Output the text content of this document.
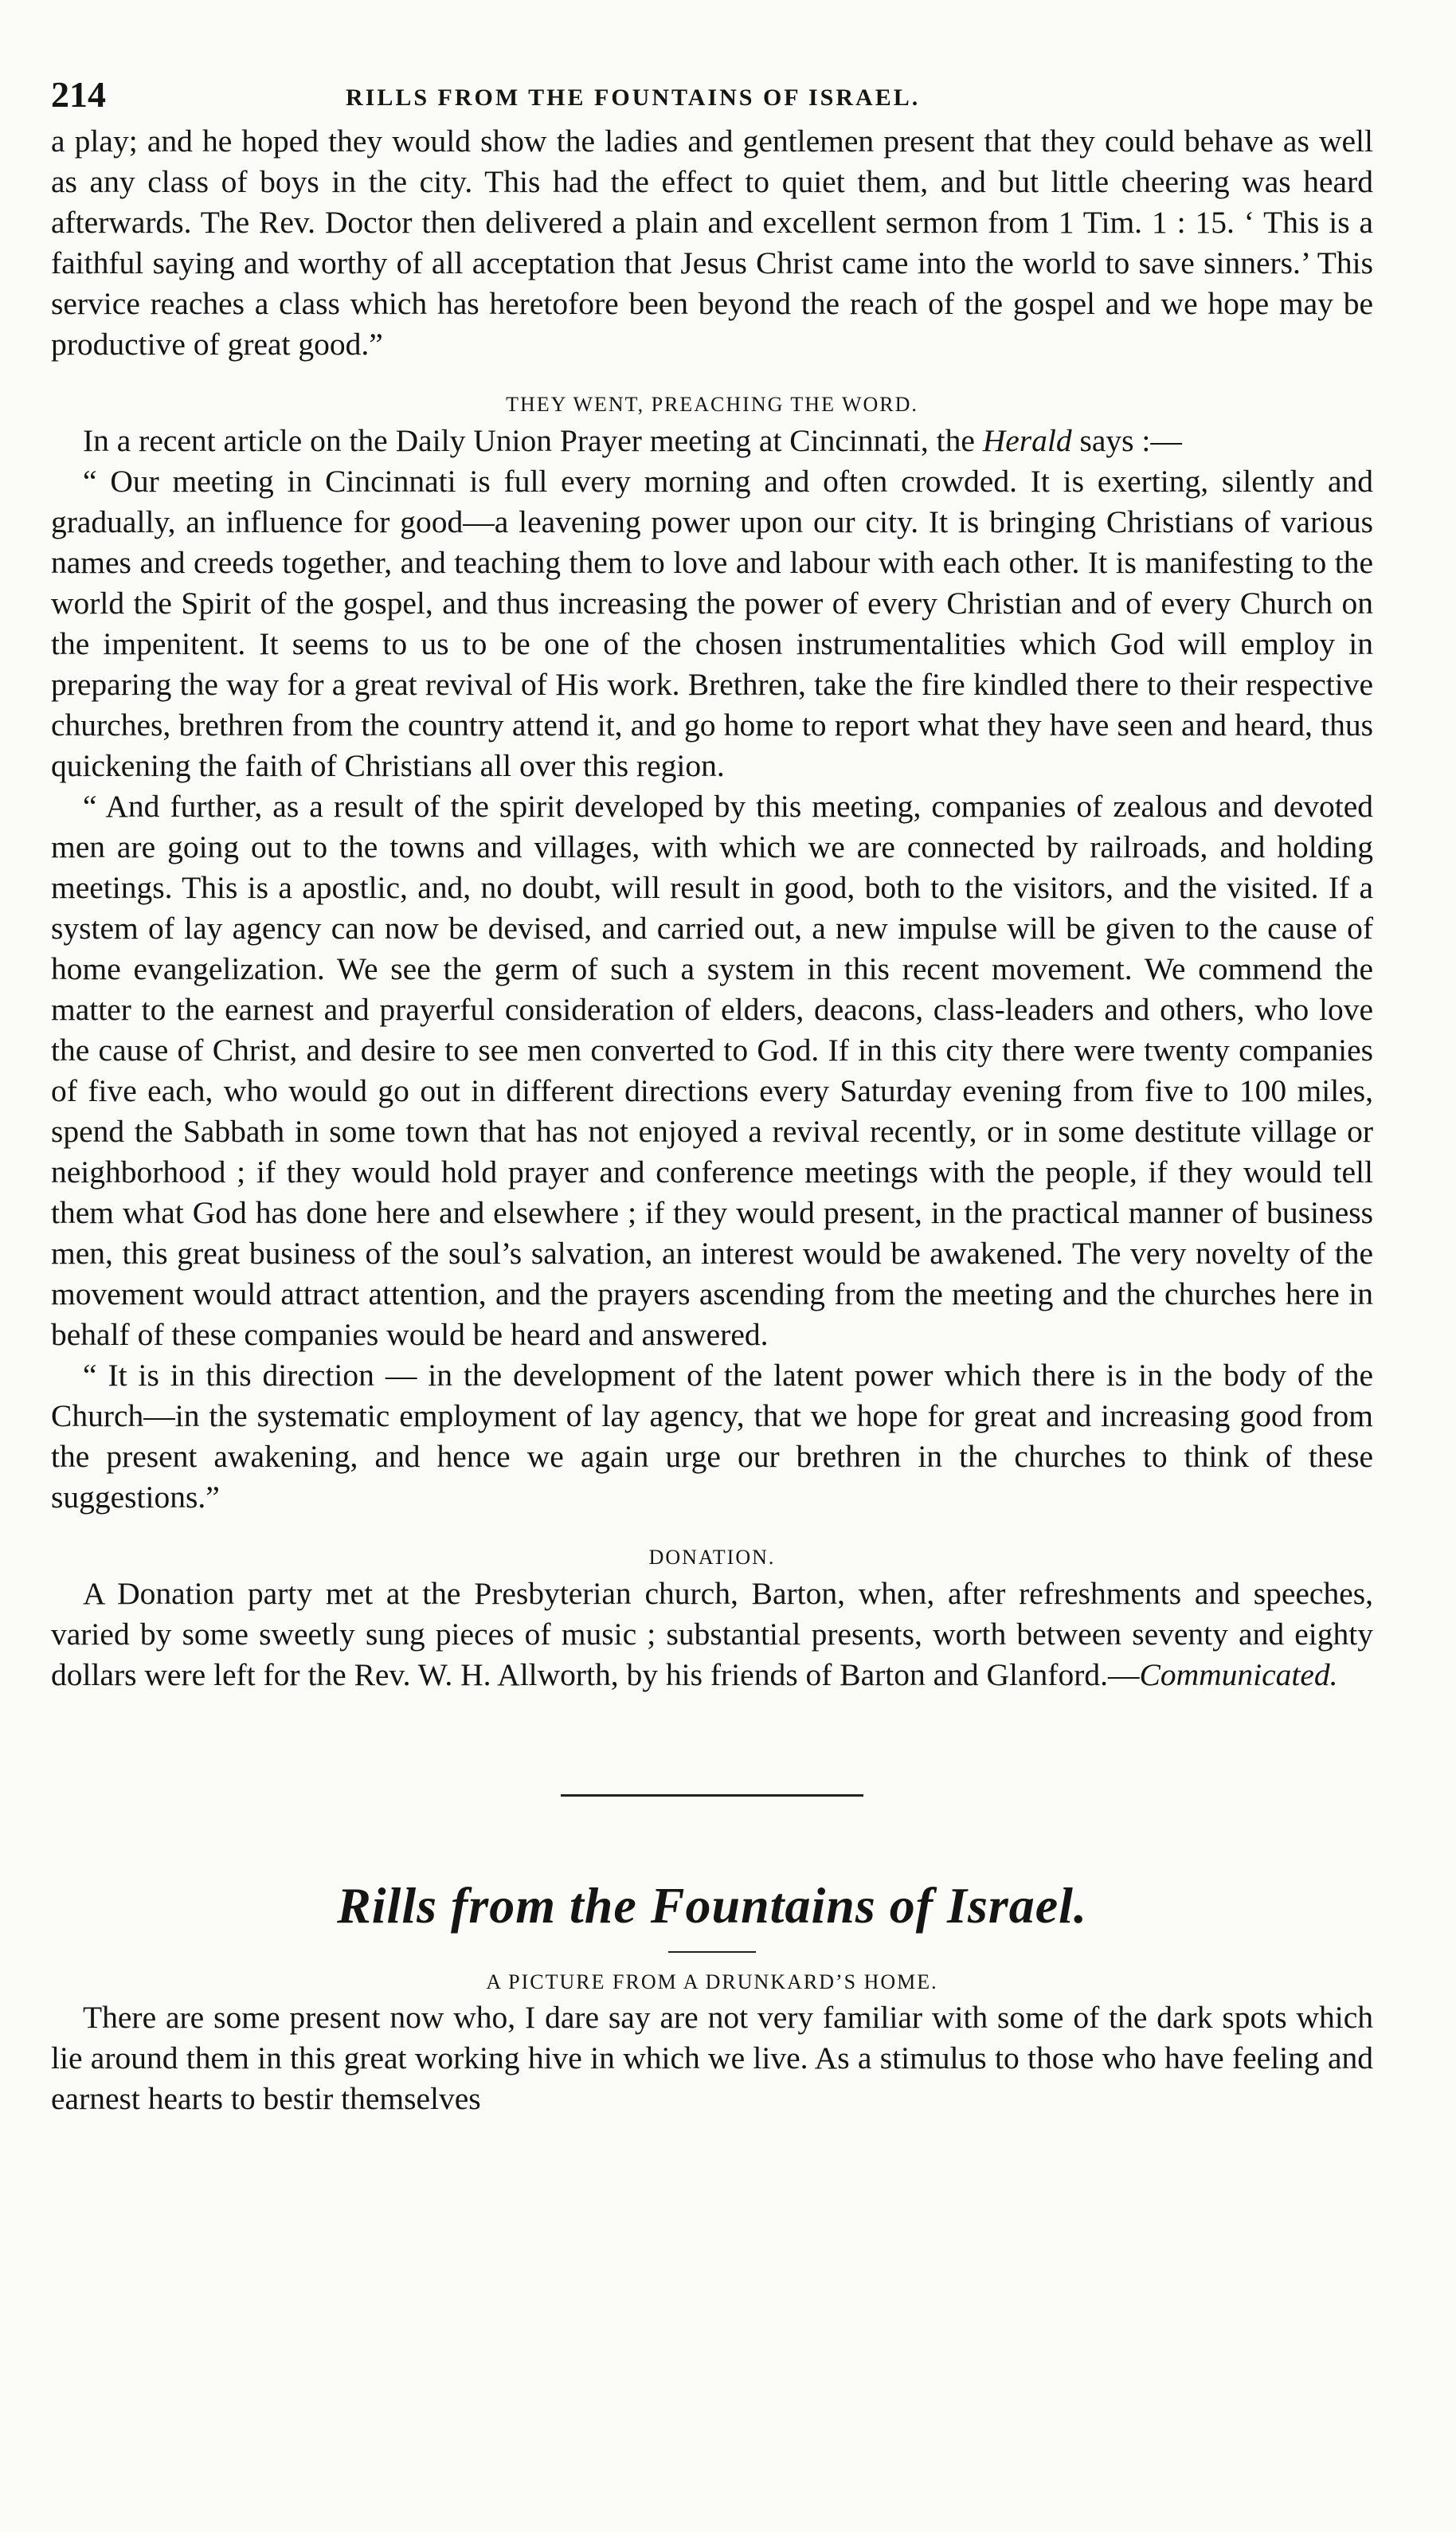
214	RILLS FROM THE FOUNTAINS OF ISRAEL.

a play; and he hoped they would show the ladies and gentlemen present that they could behave as well as any class of boys in the city. This had the effect to quiet them, and but little cheering was heard afterwards. The Rev. Doctor then delivered a plain and excellent sermon from 1 Tim. 1 : 15. ‘ This is a faithful saying and worthy of all acceptation that Jesus Christ came into the world to save sinners.’ This service reaches a class which has heretofore been beyond the reach of the gospel and we hope may be productive of great good.”

THEY WENT, PREACHING THE WORD.

In a recent article on the Daily Union Prayer meeting at Cincinnati, the Herald says :—

“ Our meeting in Cincinnati is full every morning and often crowded. It is exerting, silently and gradually, an influence for good—a leavening power upon our city. It is bringing Christians of various names and creeds together, and teaching them to love and labour with each other. It is manifesting to the world the Spirit of the gospel, and thus increasing the power of every Christian and of every Church on the impenitent. It seems to us to be one of the chosen instrumentalities which God will employ in preparing the way for a great revival of His work. Brethren, take the fire kindled there to their respective churches, brethren from the country attend it, and go home to report what they have seen and heard, thus quickening the faith of Christians all over this region.

“ And further, as a result of the spirit developed by this meeting, companies of zealous and devoted men are going out to the towns and villages, with which we are connected by railroads, and holding meetings. This is a apostlic, and, no doubt, will result in good, both to the visitors, and the visited. If a system of lay agency can now be devised, and carried out, a new impulse will be given to the cause of home evangelization. We see the germ of such a system in this recent movement. We commend the matter to the earnest and prayerful consideration of elders, deacons, class-leaders and others, who love the cause of Christ, and desire to see men converted to God. If in this city there were twenty companies of five each, who would go out in different directions every Saturday evening from five to 100 miles, spend the Sabbath in some town that has not enjoyed a revival recently, or in some destitute village or neighborhood ; if they would hold prayer and conference meetings with the people, if they would tell them what God has done here and elsewhere ; if they would present, in the practical manner of business men, this great business of the soul’s salvation, an interest would be awakened. The very novelty of the movement would attract attention, and the prayers ascending from the meeting and the churches here in behalf of these companies would be heard and answered.

“ It is in this direction — in the development of the latent power which there is in the body of the Church—in the systematic employment of lay agency, that we hope for great and increasing good from the present awakening, and hence we again urge our brethren in the churches to think of these suggestions.”

DONATION.

A Donation party met at the Presbyterian church, Barton, when, after refreshments and speeches, varied by some sweetly sung pieces of music ; substantial presents, worth between seventy and eighty dollars were left for the Rev. W. H. Allworth, by his friends of Barton and Glanford.—Communicated.

Rills from the Fountains of Israel.
A PICTURE FROM A DRUNKARD’S HOME.

There are some present now who, I dare say are not very familiar with some of the dark spots which lie around them in this great working hive in which we live. As a stimulus to those who have feeling and earnest hearts to bestir themselves
